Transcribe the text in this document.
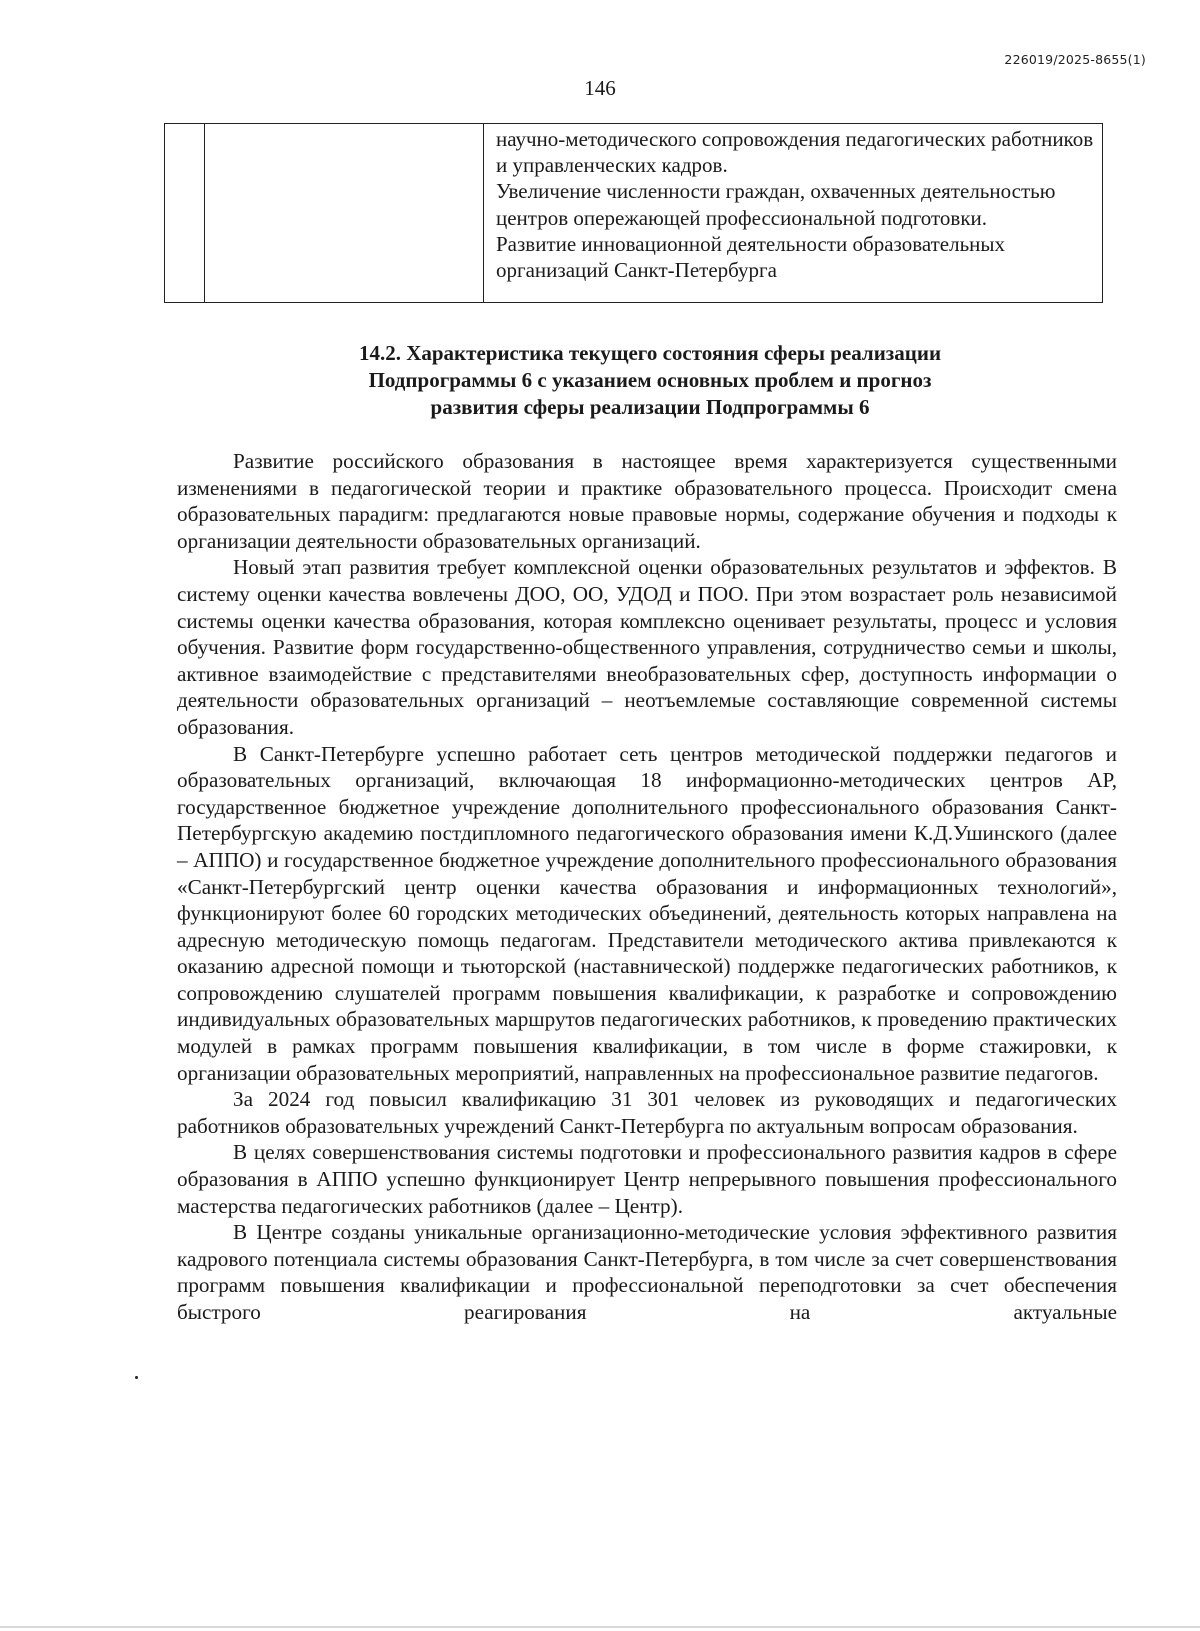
226019/2025-8655(1)
146

научно-методического сопровождения педагогических работников и управленческих кадров.

Увеличение численности граждан, охваченных деятельностью центров опережающей профессиональной подготовки.

Развитие инновационной деятельности образовательных организаций Санкт-Петербурга

14.2. Характеристика текущего состояния сферы реализации
Подпрограммы 6 с указанием основных проблем и прогноз
развития сферы реализации Подпрограммы 6

Развитие российского образования в настоящее время характеризуется существенными изменениями в педагогической теории и практике образовательного процесса. Происходит смена образовательных парадигм: предлагаются новые правовые нормы, содержание обучения и подходы к организации деятельности образовательных организаций.

Новый этап развития требует комплексной оценки образовательных результатов и эффектов. В систему оценки качества вовлечены ДОО, ОО, УДОД и ПОО. При этом возрастает роль независимой системы оценки качества образования, которая комплексно оценивает результаты, процесс и условия обучения. Развитие форм государственно-общественного управления, сотрудничество семьи и школы, активное взаимодействие с представителями внеобразовательных сфер, доступность информации о деятельности образовательных организаций – неотъемлемые составляющие современной системы образования.

В Санкт-Петербурге успешно работает сеть центров методической поддержки педагогов и образовательных организаций, включающая 18 информационно-методических центров АР, государственное бюджетное учреждение дополнительного профессионального образования Санкт-Петербургскую академию постдипломного педагогического образования имени К.Д.Ушинского (далее – АППО) и государственное бюджетное учреждение дополнительного профессионального образования «Санкт-Петербургский центр оценки качества образования и информационных технологий», функционируют более 60 городских методических объединений, деятельность которых направлена на адресную методическую помощь педагогам. Представители методического актива привлекаются к оказанию адресной помощи и тьюторской (наставнической) поддержке педагогических работников, к сопровождению слушателей программ повышения квалификации, к разработке и сопровождению индивидуальных образовательных маршрутов педагогических работников, к проведению практических модулей в рамках программ повышения квалификации, в том числе в форме стажировки, к организации образовательных мероприятий, направленных на профессиональное развитие педагогов.

За 2024 год повысил квалификацию 31 301 человек из руководящих и педагогических работников образовательных учреждений Санкт-Петербурга по актуальным вопросам образования.

В целях совершенствования системы подготовки и профессионального развития кадров в сфере образования в АППО успешно функционирует Центр непрерывного повышения профессионального мастерства педагогических работников (далее – Центр).

В Центре созданы уникальные организационно-методические условия эффективного развития кадрового потенциала системы образования Санкт-Петербурга, в том числе за счет совершенствования программ повышения квалификации и профессиональной переподготовки за счет обеспечения быстрого реагирования на актуальные
